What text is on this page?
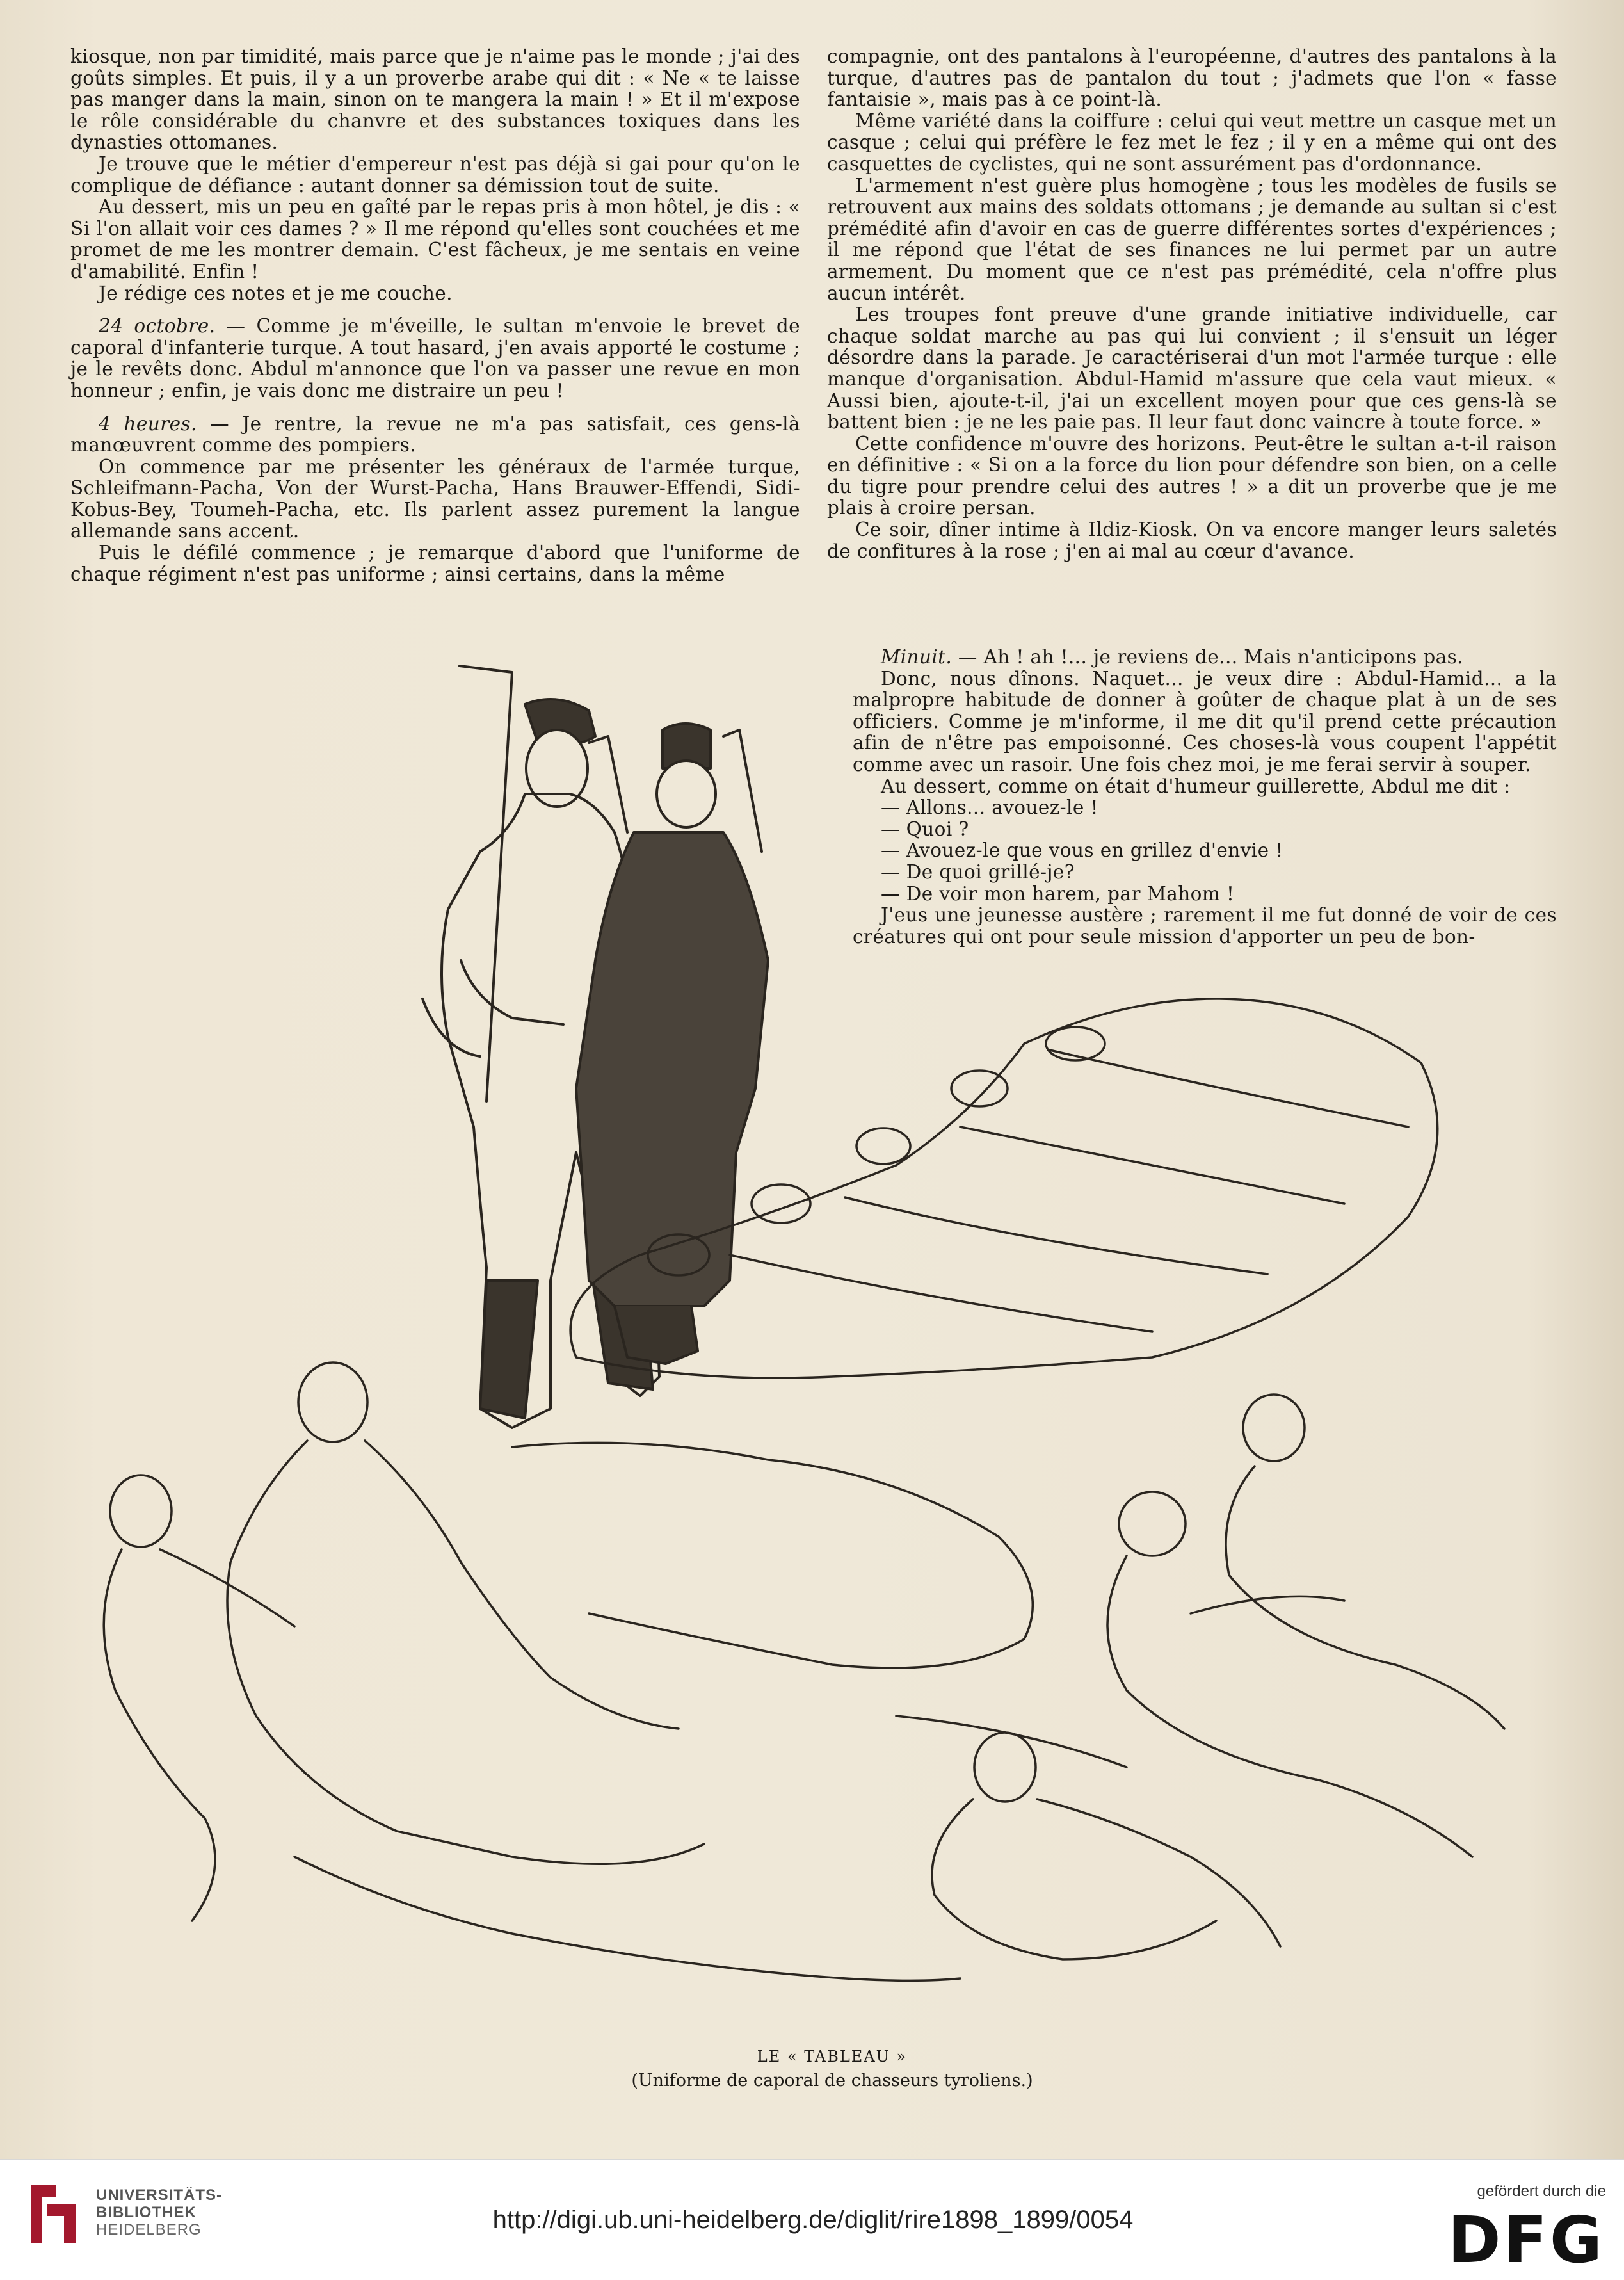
kiosque, non par timidité, mais parce que je n'aime pas le monde ; j'ai des goûts simples. Et puis, il y a un proverbe arabe qui dit : « Ne « te laisse pas manger dans la main, sinon on te mangera la main ! » Et il m'expose le rôle considérable du chanvre et des substances toxiques dans les dynasties ottomanes.

Je trouve que le métier d'empereur n'est pas déjà si gai pour qu'on le complique de défiance : autant donner sa démission tout de suite.

Au dessert, mis un peu en gaîté par le repas pris à mon hôtel, je dis : « Si l'on allait voir ces dames ? » Il me répond qu'elles sont couchées et me promet de me les montrer demain. C'est fâcheux, je me sentais en veine d'amabilité. Enfin !

Je rédige ces notes et je me couche.

24 octobre. — Comme je m'éveille, le sultan m'envoie le brevet de caporal d'infanterie turque. A tout hasard, j'en avais apporté le costume ; je le revêts donc. Abdul m'annonce que l'on va passer une revue en mon honneur ; enfin, je vais donc me distraire un peu !

4 heures. — Je rentre, la revue ne m'a pas satisfait, ces gens-là manœuvrent comme des pompiers.

On commence par me présenter les généraux de l'armée turque, Schleifmann-Pacha, Von der Wurst-Pacha, Hans Brauwer-Effendi, Sidi-Kobus-Bey, Toumeh-Pacha, etc. Ils parlent assez purement la langue allemande sans accent.

Puis le défilé commence ; je remarque d'abord que l'uniforme de chaque régiment n'est pas uniforme ; ainsi certains, dans la même

compagnie, ont des pantalons à l'européenne, d'autres des pantalons à la turque, d'autres pas de pantalon du tout ; j'admets que l'on « fasse fantaisie », mais pas à ce point-là.

Même variété dans la coiffure : celui qui veut mettre un casque met un casque ; celui qui préfère le fez met le fez ; il y en a même qui ont des casquettes de cyclistes, qui ne sont assurément pas d'ordonnance.

L'armement n'est guère plus homogène ; tous les modèles de fusils se retrouvent aux mains des soldats ottomans ; je demande au sultan si c'est prémédité afin d'avoir en cas de guerre différentes sortes d'expériences ; il me répond que l'état de ses finances ne lui permet par un autre armement. Du moment que ce n'est pas prémédité, cela n'offre plus aucun intérêt.

Les troupes font preuve d'une grande initiative individuelle, car chaque soldat marche au pas qui lui convient ; il s'ensuit un léger désordre dans la parade. Je caractériserai d'un mot l'armée turque : elle manque d'organisation. Abdul-Hamid m'assure que cela vaut mieux. « Aussi bien, ajoute-t-il, j'ai un excellent moyen pour que ces gens-là se battent bien : je ne les paie pas. Il leur faut donc vaincre à toute force. »

Cette confidence m'ouvre des horizons. Peut-être le sultan a-t-il raison en définitive : « Si on a la force du lion pour défendre son bien, on a celle du tigre pour prendre celui des autres ! » a dit un proverbe que je me plais à croire persan.

Ce soir, dîner intime à Ildiz-Kiosk. On va encore manger leurs saletés de confitures à la rose ; j'en ai mal au cœur d'avance.

Minuit. — Ah ! ah !... je reviens de... Mais n'anticipons pas.

Donc, nous dînons. Naquet... je veux dire : Abdul-Hamid... a la malpropre habitude de donner à goûter de chaque plat à un de ses officiers. Comme je m'informe, il me dit qu'il prend cette précaution afin de n'être pas empoisonné. Ces choses-là vous coupent l'appétit comme avec un rasoir. Une fois chez moi, je me ferai servir à souper.

Au dessert, comme on était d'humeur guillerette, Abdul me dit :

— Allons... avouez-le !

— Quoi ?

— Avouez-le que vous en grillez d'envie !

— De quoi grillé-je?

— De voir mon harem, par Mahom !

J'eus une jeunesse austère ; rarement il me fut donné de voir de ces créatures qui ont pour seule mission d'apporter un peu de bon-

LE « TABLEAU »
(Uniforme de caporal de chasseurs tyroliens.)
UNIVERSITÄTS-
BIBLIOTHEK
HEIDELBERG	http://digi.ub.uni-heidelberg.de/diglit/rire1898_1899/0054
gefördert durch die
DFG
